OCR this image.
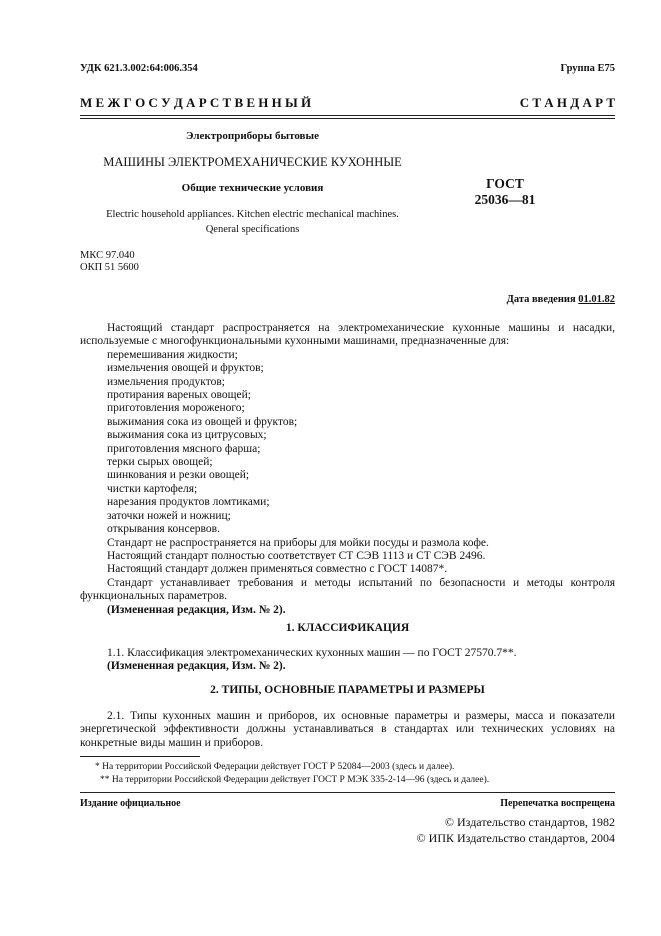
УДК 621.3.002:64:006.354	Группа Е75
М Е Ж Г О С У Д А Р С Т В Е Н Н Ы Й	С Т А Н Д А Р Т
Электроприборы бытовые
МАШИНЫ ЭЛЕКТРОМЕХАНИЧЕСКИЕ КУХОННЫЕ
Общие технические условия	ГОСТ
25036—81
Electric household appliances. Kitchen electric mechanical machines.
Qeneral specifications
МКС 97.040
ОКП 51 5600
Дата введения 01.01.82

Настоящий стандарт распространяется на электромеханические кухонные машины и насадки, используемые с многофункциональными кухонными машинами, предназначенные для:

перемешивания жидкости;

измельчения овощей и фруктов;

измельчения продуктов;

протирания вареных овощей;

приготовления мороженого;

выжимания сока из овощей и фруктов;

выжимания сока из цитрусовых;

приготовления мясного фарша;

терки сырых овощей;

шинкования и резки овощей;

чистки картофеля;

нарезания продуктов ломтиками;

заточки ножей и ножниц;

открывания консервов.

Стандарт не распространяется на приборы для мойки посуды и размола кофе.

Настоящий стандарт полностью соответствует СТ СЭВ 1113 и СТ СЭВ 2496.

Настоящий стандарт должен применяться совместно с ГОСТ 14087*.

Стандарт устанавливает требования и методы испытаний по безопасности и методы контроля функциональных параметров.

(Измененная редакция, Изм. № 2).

1. КЛАССИФИКАЦИЯ

1.1. Классификация электромеханических кухонных машин — по ГОСТ 27570.7**.

(Измененная редакция, Изм. № 2).

2. ТИПЫ, ОСНОВНЫЕ ПАРАМЕТРЫ И РАЗМЕРЫ

2.1. Типы кухонных машин и приборов, их основные параметры и размеры, масса и показатели энергетической эффективности должны устанавливаться в стандартах или технических условиях на конкретные виды машин и приборов.

* На территории Российской Федерации действует ГОСТ Р 52084—2003 (здесь и далее).
** На территории Российской Федерации действует ГОСТ Р МЭК 335-2-14—96 (здесь и далее).
Издание официальное	Перепечатка воспрещена
© Издательство стандартов, 1982
© ИПК Издательство стандартов, 2004
